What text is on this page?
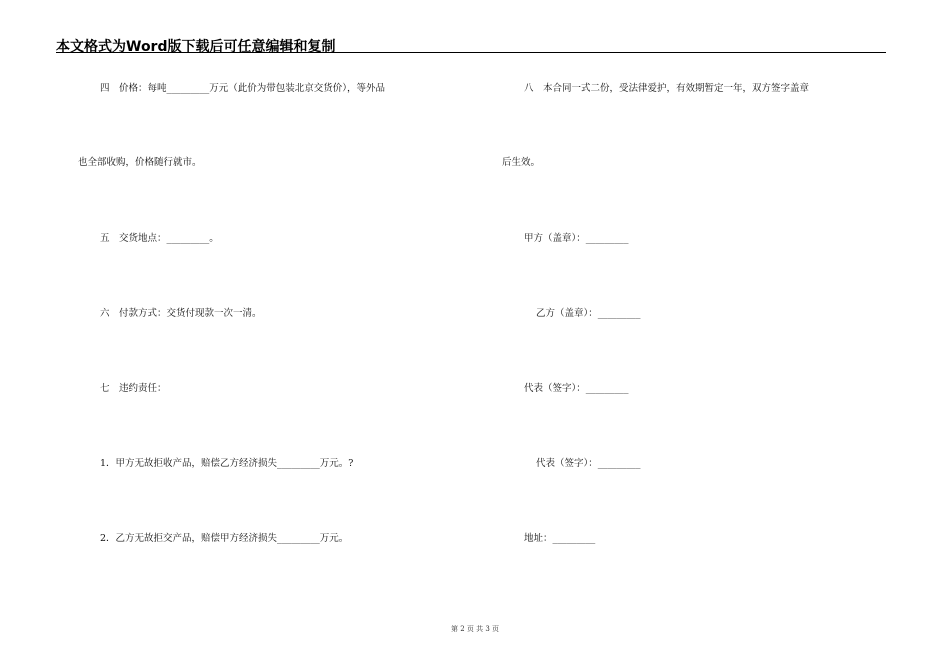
本文格式为Word版下载后可任意编辑和复制
四　价格：每吨_________万元（此价为带包装北京交货价），等外品
也全部收购，价格随行就市。
五　交货地点：_________。
六　付款方式：交货付现款一次一清。
七　违约责任：
1．甲方无故拒收产品，赔偿乙方经济损失_________万元。?
2．乙方无故拒交产品，赔偿甲方经济损失_________万元。
八　本合同一式二份，受法律爱护，有效期暂定一年，双方签字盖章
后生效。
甲方（盖章）：_________
乙方（盖章）：_________
代表（签字）：_________
代表（签字）：_________
地址：_________
第 2 页 共 3 页
